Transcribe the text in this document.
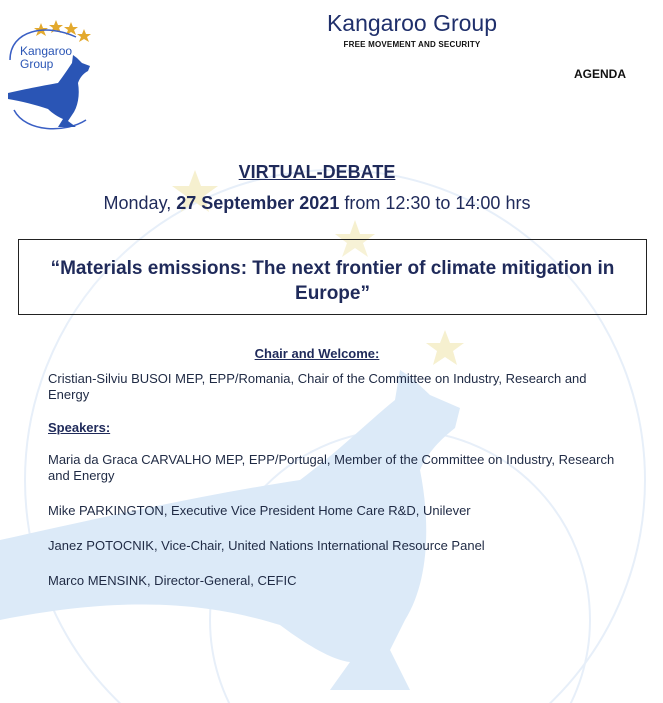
Kangaroo
Group
Kangaroo Group
FREE MOVEMENT AND SECURITY
AGENDA
VIRTUAL-DEBATE
Monday, 27 September 2021 from 12:30 to 14:00 hrs
“Materials emissions: The next frontier of climate mitigation in Europe”
Chair and Welcome:
Cristian-Silviu BUSOI MEP, EPP/Romania, Chair of the Committee on Industry, Research and Energy
Speakers:
Maria da Graca CARVALHO MEP, EPP/Portugal, Member of the Committee on Industry, Research and Energy
Mike PARKINGTON, Executive Vice President Home Care R&D, Unilever
Janez POTOCNIK, Vice-Chair, United Nations International Resource Panel
Marco MENSINK, Director-General, CEFIC
